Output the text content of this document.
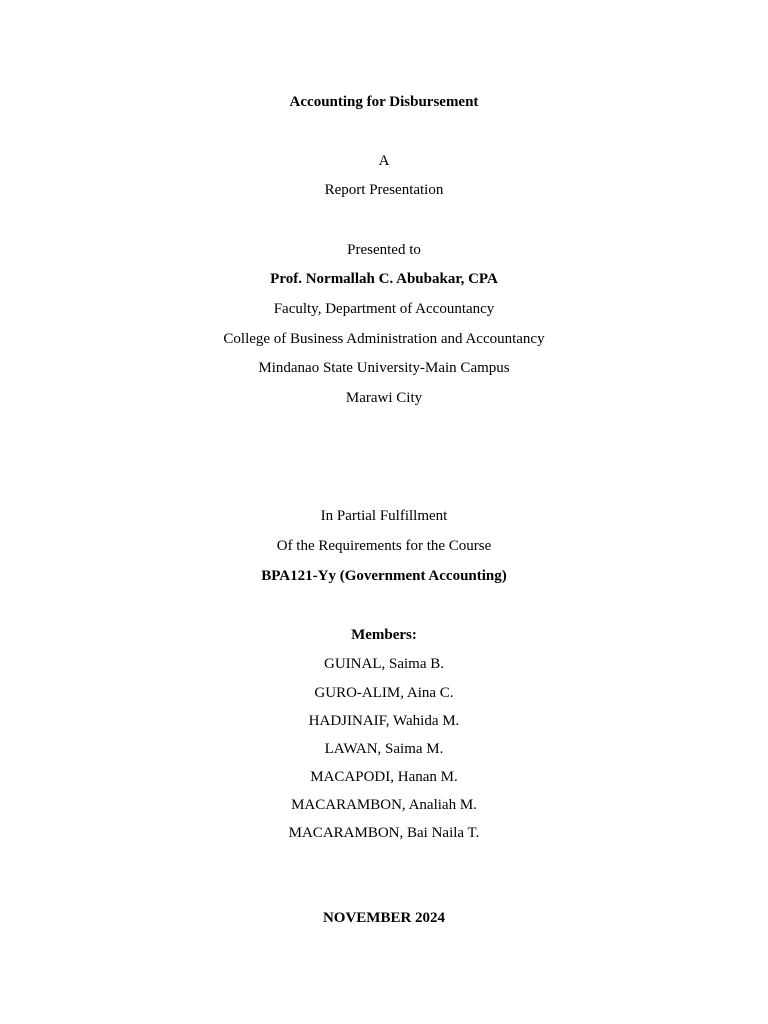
Accounting for Disbursement
A
Report Presentation
Presented to
Prof. Normallah C. Abubakar, CPA
Faculty, Department of Accountancy
College of Business Administration and Accountancy
Mindanao State University-Main Campus
Marawi City
In Partial Fulfillment
Of the Requirements for the Course
BPA121-Yy (Government Accounting)
Members:
GUINAL, Saima B.
GURO-ALIM, Aina C.
HADJINAIF, Wahida M.
LAWAN, Saima M.
MACAPODI, Hanan M.
MACARAMBON, Analiah M.
MACARAMBON, Bai Naila T.
NOVEMBER 2024
